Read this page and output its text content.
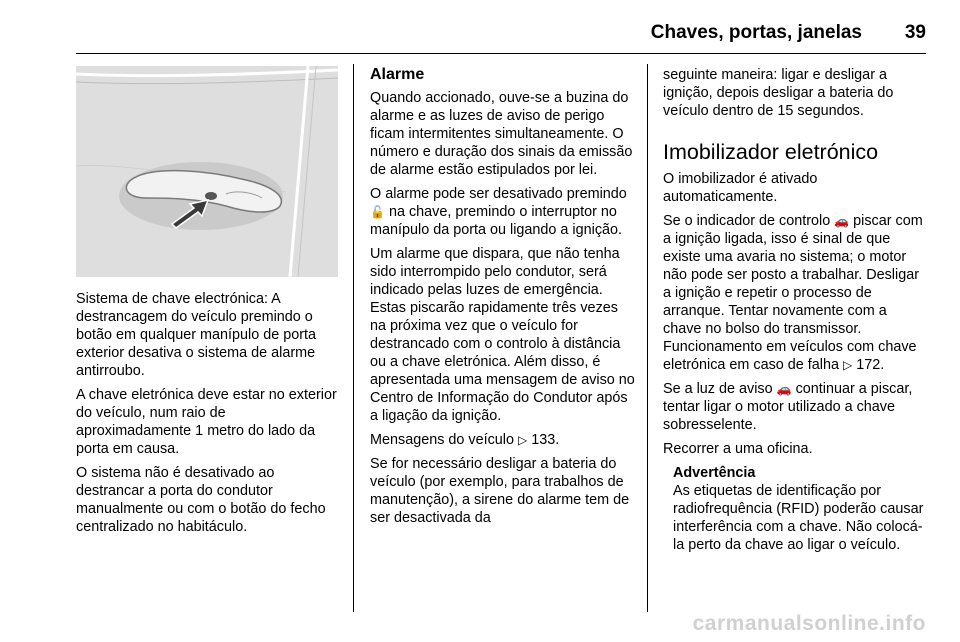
Chaves, portas, janelas 39

Sistema de chave electrónica: A destrancagem do veículo premindo o botão em qualquer manípulo de porta exterior desativa o sistema de alarme antirroubo.

A chave eletrónica deve estar no exterior do veículo, num raio de aproximadamente 1 metro do lado da porta em causa.

O sistema não é desativado ao destrancar a porta do condutor manualmente ou com o botão do fecho centralizado no habitáculo.

Alarme

Quando accionado, ouve-se a buzina do alarme e as luzes de aviso de perigo ficam intermitentes simultaneamente. O número e duração dos sinais da emissão de alarme estão estipulados por lei.

O alarme pode ser desativado premindo 🔓 na chave, premindo o interruptor no manípulo da porta ou ligando a ignição.

Um alarme que dispara, que não tenha sido interrompido pelo condutor, será indicado pelas luzes de emergência. Estas piscarão rapidamente três vezes na próxima vez que o veículo for destrancado com o controlo à distância ou a chave eletrónica. Além disso, é apresentada uma mensagem de aviso no Centro de Informação do Condutor após a ligação da ignição.

Mensagens do veículo ▷ 133.

Se for necessário desligar a bateria do veículo (por exemplo, para trabalhos de manutenção), a sirene do alarme tem de ser desactivada da

seguinte maneira: ligar e desligar a ignição, depois desligar a bateria do veículo dentro de 15 segundos.

Imobilizador eletrónico

O imobilizador é ativado automaticamente.

Se o indicador de controlo 🚗 piscar com a ignição ligada, isso é sinal de que existe uma avaria no sistema; o motor não pode ser posto a trabalhar. Desligar a ignição e repetir o processo de arranque. Tentar novamente com a chave no bolso do transmissor. Funcionamento em veículos com chave eletrónica em caso de falha ▷ 172.

Se a luz de aviso 🚗 continuar a piscar, tentar ligar o motor utilizado a chave sobresselente.

Recorrer a uma oficina.

Advertência

As etiquetas de identificação por radiofrequência (RFID) poderão causar interferência com a chave. Não colocá-la perto da chave ao ligar o veículo.

carmanualsonline.info
